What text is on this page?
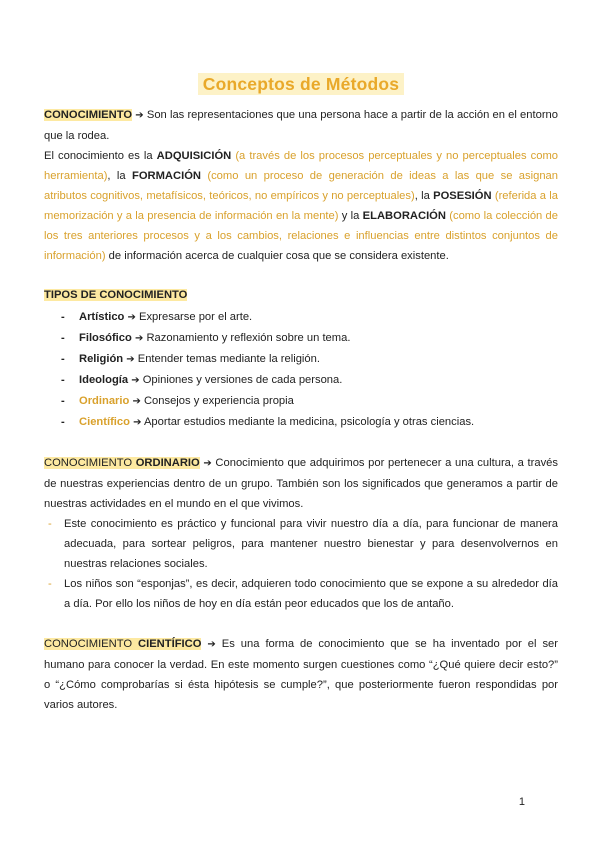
Conceptos de Métodos
CONOCIMIENTO ➔ Son las representaciones que una persona hace a partir de la acción en el entorno que la rodea.
El conocimiento es la ADQUISICIÓN (a través de los procesos perceptuales y no perceptuales como herramienta), la FORMACIÓN (como un proceso de generación de ideas a las que se asignan atributos cognitivos, metafísicos, teóricos, no empíricos y no perceptuales), la POSESIÓN (referida a la memorización y a la presencia de información en la mente) y la ELABORACIÓN (como la colección de los tres anteriores procesos y a los cambios, relaciones e influencias entre distintos conjuntos de información) de información acerca de cualquier cosa que se considera existente.
TIPOS DE CONOCIMIENTO
- Artístico ➔ Expresarse por el arte.
- Filosófico ➔ Razonamiento y reflexión sobre un tema.
- Religión ➔ Entender temas mediante la religión.
- Ideología ➔ Opiniones y versiones de cada persona.
- Ordinario ➔ Consejos y experiencia propia
- Científico ➔ Aportar estudios mediante la medicina, psicología y otras ciencias.
CONOCIMIENTO ORDINARIO ➔ Conocimiento que adquirimos por pertenecer a una cultura, a través de nuestras experiencias dentro de un grupo. También son los significados que generamos a partir de nuestras actividades en el mundo en el que vivimos.
- Este conocimiento es práctico y funcional para vivir nuestro día a día, para funcionar de manera adecuada, para sortear peligros, para mantener nuestro bienestar y para desenvolvernos en nuestras relaciones sociales.
- Los niños son “esponjas”, es decir, adquieren todo conocimiento que se expone a su alrededor día a día. Por ello los niños de hoy en día están peor educados que los de antaño.
CONOCIMIENTO CIENTÍFICO ➔ Es una forma de conocimiento que se ha inventado por el ser humano para conocer la verdad. En este momento surgen cuestiones como “¿Qué quiere decir esto?” o “¿Cómo comprobarías si ésta hipótesis se cumple?”, que posteriormente fueron respondidas por varios autores.
1
